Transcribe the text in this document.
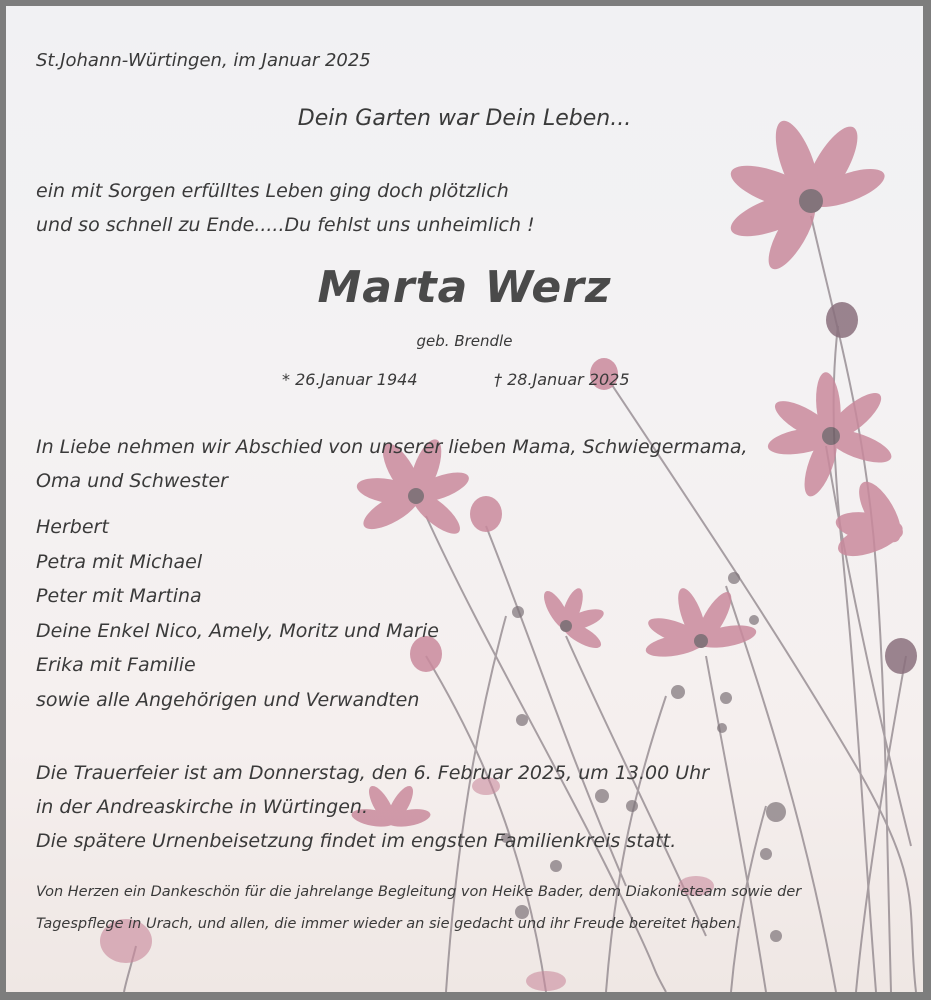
St.Johann-Würtingen, im Januar 2025
Dein Garten war Dein Leben...
ein mit Sorgen erfülltes Leben ging doch plötzlich
und so schnell zu Ende.....Du fehlst uns unheimlich !
Marta Werz
geb. Brendle
* 26.Januar 1944	† 28.Januar 2025
In Liebe nehmen wir Abschied von unserer lieben Mama, Schwiegermama,
Oma und Schwester
Herbert
Petra mit Michael
Peter mit Martina
Deine Enkel Nico, Amely, Moritz und Marie
Erika mit Familie
sowie alle Angehörigen und Verwandten
Die Trauerfeier ist am Donnerstag, den 6. Februar 2025, um 13.00 Uhr
in der Andreaskirche in Würtingen.
Die spätere Urnenbeisetzung findet im engsten Familienkreis statt.
Von Herzen ein Dankeschön für die jahrelange Begleitung von Heike Bader, dem Diakonieteam sowie der
Tagespflege in Urach, und allen, die immer wieder an sie gedacht und ihr Freude bereitet haben.
